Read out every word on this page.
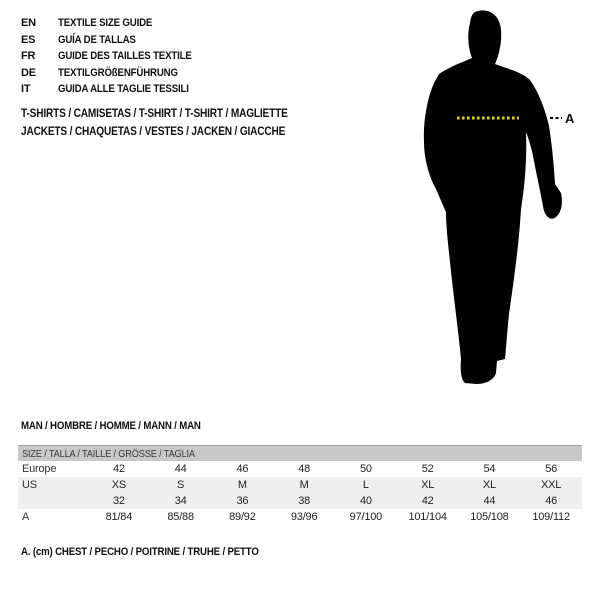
EN TEXTILE SIZE GUIDE
ES GUÍA DE TALLAS
FR GUIDE DES TAILLES TEXTILE
DE TEXTILGRÖßENFÜHRUNG
IT	GUIDA ALLE TAGLIE TESSILI
T-SHIRTS / CAMISETAS / T-SHIRT / T-SHIRT / MAGLIETTE
JACKETS / CHAQUETAS / VESTES / JACKEN / GIACCHE
A
MAN / HOMBRE / HOMME / MANN / MAN
SIZE / TALLA / TAILLE / GRÖSSE / TAGLIA								
Europe	42	44	46	48	50	52	54	56
US	XS	S	M	M	L	XL	XL	XXL
	32	34	36	38	40	42	44	46
A	81/84	85/88	89/92	93/96	97/100	101/104	105/108	109/112
A. (cm) CHEST / PECHO / POITRINE / TRUHE / PETTO
